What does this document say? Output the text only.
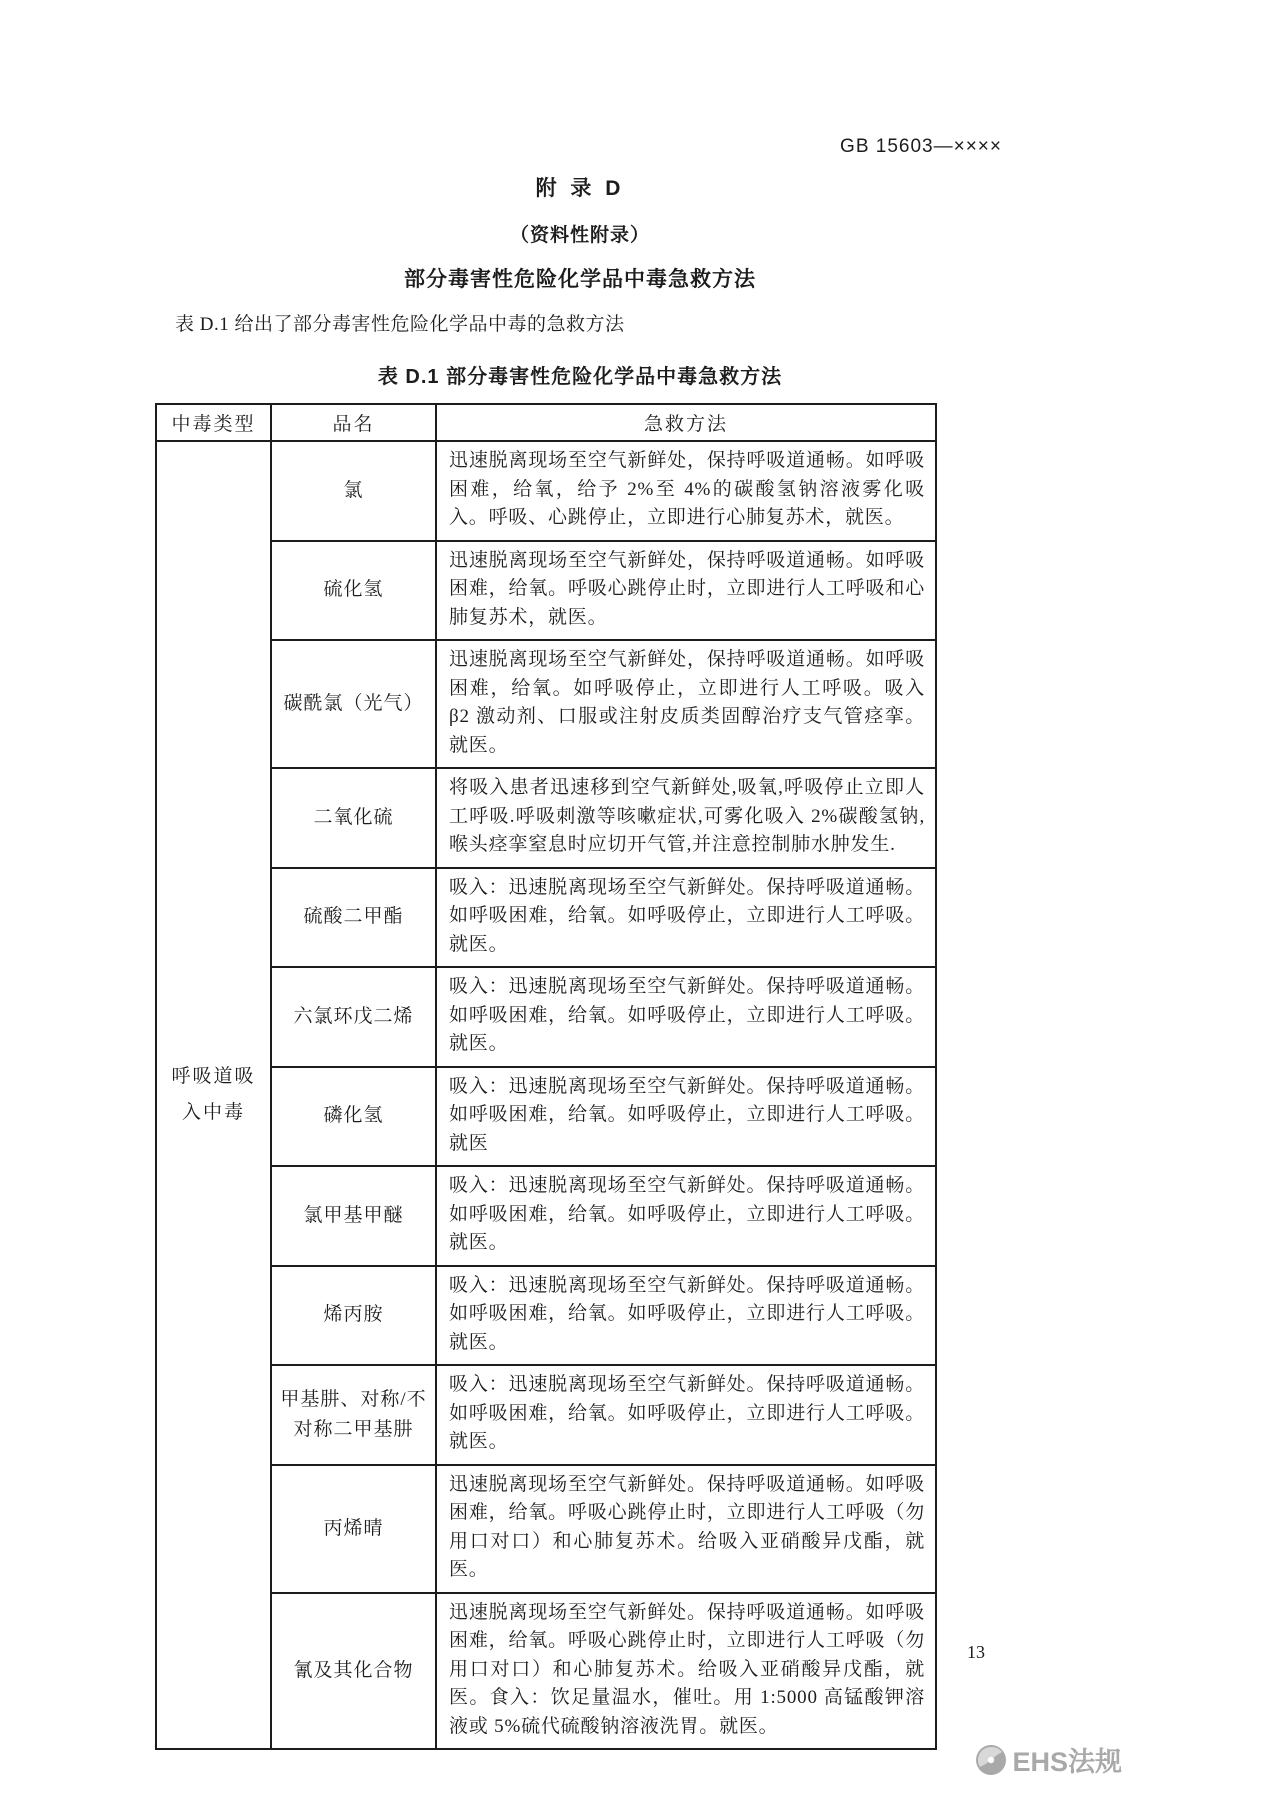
GB 15603—××××
附 录 D
（资料性附录）
部分毒害性危险化学品中毒急救方法

表 D.1 给出了部分毒害性危险化学品中毒的急救方法

表 D.1 部分毒害性危险化学品中毒急救方法
中毒类型	品名	急救方法
呼吸道吸入中毒	氯	迅速脱离现场至空气新鲜处，保持呼吸道通畅。如呼吸困难，给氧，给予 2%至 4%的碳酸氢钠溶液雾化吸入。呼吸、心跳停止，立即进行心肺复苏术，就医。
	硫化氢	迅速脱离现场至空气新鲜处，保持呼吸道通畅。如呼吸困难，给氧。呼吸心跳停止时，立即进行人工呼吸和心肺复苏术，就医。
	碳酰氯（光气）	迅速脱离现场至空气新鲜处，保持呼吸道通畅。如呼吸困难，给氧。如呼吸停止，立即进行人工呼吸。吸入 β2 激动剂、口服或注射皮质类固醇治疗支气管痉挛。就医。
	二氧化硫	将吸入患者迅速移到空气新鲜处,吸氧,呼吸停止立即人工呼吸.呼吸刺激等咳嗽症状,可雾化吸入 2%碳酸氢钠,喉头痉挛窒息时应切开气管,并注意控制肺水肿发生.
	硫酸二甲酯	吸入：迅速脱离现场至空气新鲜处。保持呼吸道通畅。如呼吸困难，给氧。如呼吸停止，立即进行人工呼吸。就医。
	六氯环戊二烯	吸入：迅速脱离现场至空气新鲜处。保持呼吸道通畅。如呼吸困难，给氧。如呼吸停止，立即进行人工呼吸。就医。
	磷化氢	吸入：迅速脱离现场至空气新鲜处。保持呼吸道通畅。如呼吸困难，给氧。如呼吸停止，立即进行人工呼吸。就医
	氯甲基甲醚	吸入：迅速脱离现场至空气新鲜处。保持呼吸道通畅。如呼吸困难，给氧。如呼吸停止，立即进行人工呼吸。就医。
	烯丙胺	吸入：迅速脱离现场至空气新鲜处。保持呼吸道通畅。如呼吸困难，给氧。如呼吸停止，立即进行人工呼吸。就医。
	甲基肼、对称/不对称二甲基肼	吸入：迅速脱离现场至空气新鲜处。保持呼吸道通畅。如呼吸困难，给氧。如呼吸停止，立即进行人工呼吸。就医。
	丙烯晴	迅速脱离现场至空气新鲜处。保持呼吸道通畅。如呼吸困难，给氧。呼吸心跳停止时，立即进行人工呼吸（勿用口对口）和心肺复苏术。给吸入亚硝酸异戊酯，就医。
	氰及其化合物	迅速脱离现场至空气新鲜处。保持呼吸道通畅。如呼吸困难，给氧。呼吸心跳停止时，立即进行人工呼吸（勿用口对口）和心肺复苏术。给吸入亚硝酸异戊酯，就医。食入：饮足量温水，催吐。用 1:5000 高锰酸钾溶液或 5%硫代硫酸钠溶液洗胃。就医。
13
EHS法规
